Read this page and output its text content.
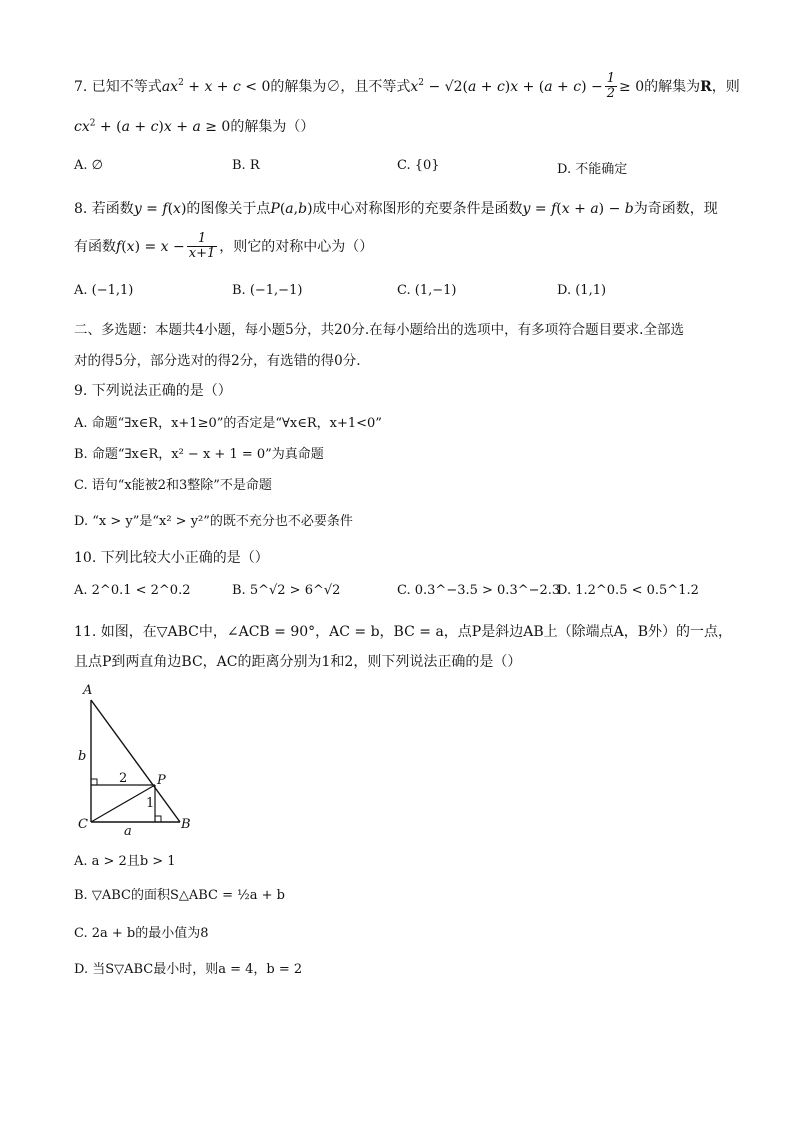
7. 已知不等式$ax^2 + x + c < 0$的解集为∅，且不等式$x^2 - √2(a + c)x + (a + c) - \frac{1}{2} \ge 0$的解集为R，则
$cx^2 + (a + c)x + a \ge 0$的解集为（）
A. ∅	B. R	C. {0}	D. 不能确定
8. 若函数y = f(x)的图像关于点P(a,b)成中心对称图形的充要条件是函数y = f(x + a) − b为奇函数，现
有函数$f(x) = x - \frac{1}{x+1}$ ，则它的对称中心为（）
A. (−1,1)	B. (−1,−1)	C. (1,−1)	D. (1,1)
二、多选题：本题共4小题，每小题5分，共20分.在每小题给出的选项中，有多项符合题目要求.全部选
对的得5分，部分选对的得2分，有选错的得0分.
9. 下列说法正确的是（）
A. 命题“∃x∈R，x+1≥0”的否定是“∀x∈R，x+1<0”
B. 命题“∃x∈R，x² − x + 1 = 0”为真命题
C. 语句“x能被2和3整除”不是命题
D. “x > y”是“x² > y²”的既不充分也不必要条件
10. 下列比较大小正确的是（）
A. 2^0.1 < 2^0.2	B. 5^√2 > 6^√2	C. 0.3^−3.5 > 0.3^−2.3
D. 1.2^0.5 < 0.5^1.2
11. 如图，在▽ABC中，∠ACB = 90°，AC = b，BC = a，点P是斜边AB上（除端点A，B外）的一点，
且点P到两直角边BC，AC的距离分别为1和2，则下列说法正确的是（）
A
B
C
P
b
a
2
1
A. a > 2且b > 1
B. ▽ABC的面积S△ABC = ½a + b
C. 2a + b的最小值为8
D. 当S▽ABC最小时，则a = 4，b = 2
